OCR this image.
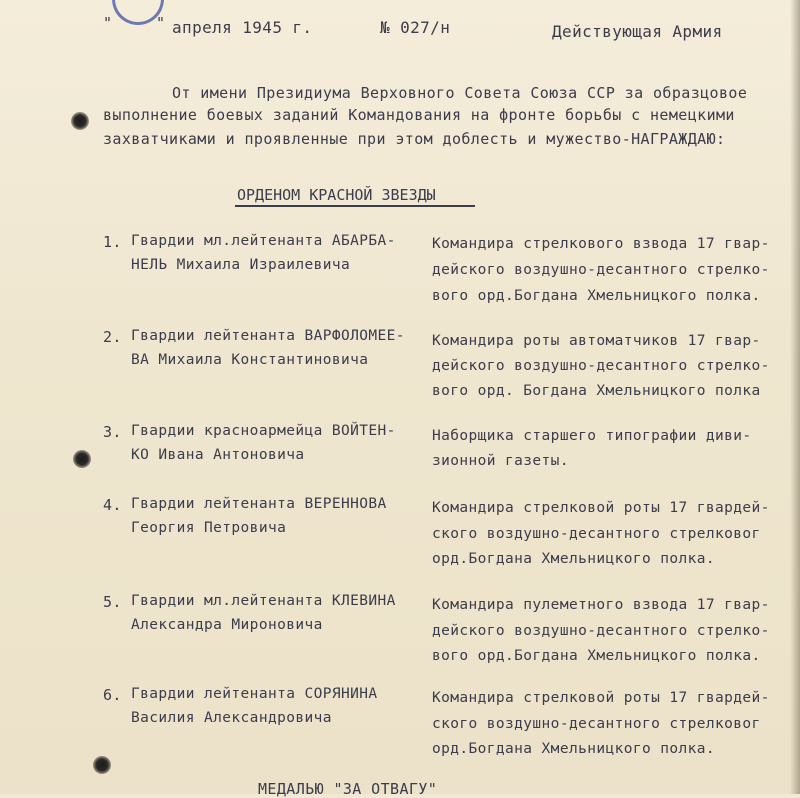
"	" апреля 1945 г.	№ 027/н	Действующая Армия
От имени Президиума Верховного Совета Союза ССР за образцовое
выполнение боевых заданий Командования на фронте борьбы с немецкими
захватчиками и проявленные при этом доблесть и мужество-НАГРАЖДАЮ:
ОРДЕНОМ КРАСНОЙ ЗВЕЗДЫ
1. Гвардии мл.лейтенанта АБАРБА-
НЕЛЬ Михаила Израилевича
Командира стрелкового взвода 17 гвар-
дейского воздушно-десантного стрелко-
вого орд.Богдана Хмельницкого полка.
2. Гвардии лейтенанта ВАРФОЛОМЕЕ-
ВА Михаила Константиновича
Командира роты автоматчиков 17 гвар-
дейского воздушно-десантного стрелко-
вого орд. Богдана Хмельницкого полка
3. Гвардии красноармейца ВОЙТЕН-
КО Ивана Антоновича
Наборщика старшего типографии диви-
зионной газеты.
4. Гвардии лейтенанта ВЕРЕННОВА
Георгия Петровича
Командира стрелковой роты 17 гвардей-
ского воздушно-десантного стрелковог
орд.Богдана Хмельницкого полка.
5. Гвардии мл.лейтенанта КЛЕВИНА
Александра Мироновича
Командира пулеметного взвода 17 гвар-
дейского воздушно-десантного стрелко-
вого орд.Богдана Хмельницкого полка.
6. Гвардии лейтенанта СОРЯНИНА
Василия Александровича
Командира стрелковой роты 17 гвардей-
ского воздушно-десантного стрелковог
орд.Богдана Хмельницкого полка.
МЕДАЛЬЮ "ЗА ОТВАГУ"
